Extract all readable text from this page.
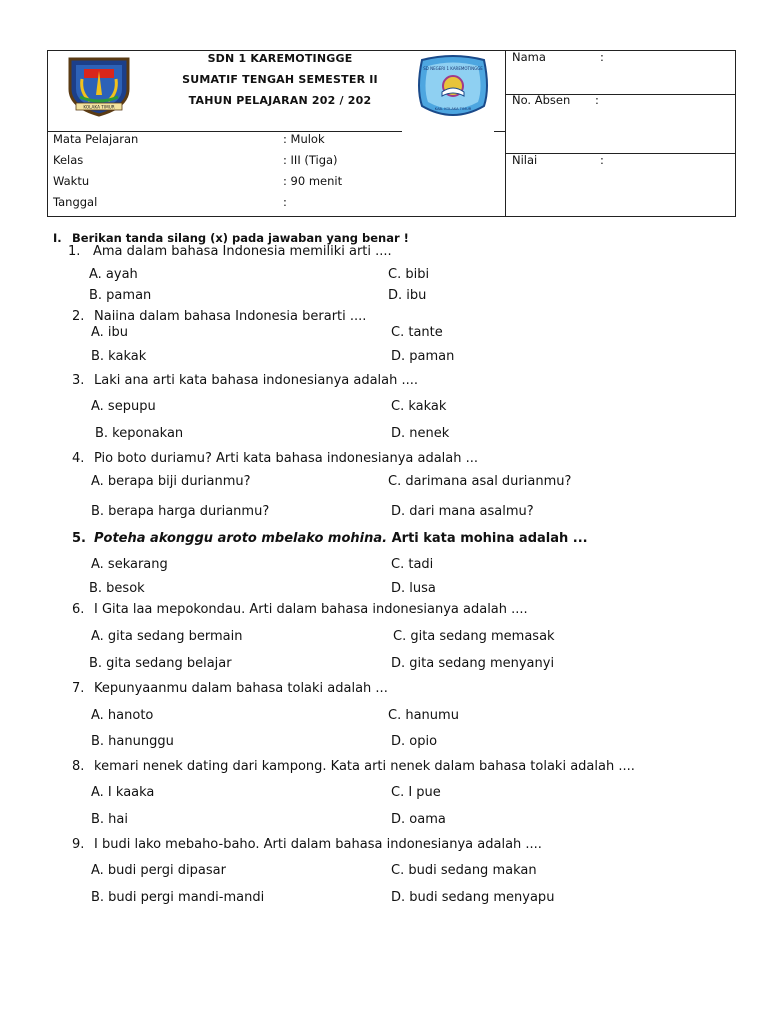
KOLAKA TIMUR
SD NEGERI 1 KAREMOTINGGE
KAB. KOLAKA TIMUR
SDN 1 KAREMOTINGGE
SUMATIF TENGAH SEMESTER II
TAHUN PELAJARAN 202 / 202
Nama	:
No. Absen :
Nilai	:
Mata Pelajaran	: Mulok
Kelas	: III (Tiga)
Waktu	: 90 menit
Tanggal	:
I. Berikan tanda silang (x) pada jawaban yang benar !
1. Ama dalam bahasa Indonesia memiliki arti ....
A. ayah
B. paman
C. bibi
D. ibu
2. Naiina dalam bahasa Indonesia berarti ....
A. ibu
B. kakak
C. tante
D. paman
3. Laki ana arti kata bahasa indonesianya adalah ....
A. sepupu
B. keponakan
C. kakak
D. nenek
4. Pio boto duriamu? Arti kata bahasa indonesianya adalah ...
A. berapa biji durianmu?
B. berapa harga durianmu?
C. darimana asal durianmu?
D. dari mana asalmu?
5. Poteha akonggu aroto mbelako mohina. Arti kata mohina adalah ...
A. sekarang
B. besok
C. tadi
D. lusa
6. I Gita laa mepokondau. Arti dalam bahasa indonesianya adalah ....
A. gita sedang bermain
B. gita sedang belajar
C. gita sedang memasak
D. gita sedang menyanyi
7. Kepunyaanmu dalam bahasa tolaki adalah ...
A. hanoto
B. hanunggu
C. hanumu
D. opio
8. kemari nenek dating dari kampong. Kata arti nenek dalam bahasa tolaki adalah ....
A. I kaaka
B. hai
C. I pue
D. oama
9. I budi lako mebaho-baho. Arti dalam bahasa indonesianya adalah ....
A. budi pergi dipasar
B. budi pergi mandi-mandi
C. budi sedang makan
D. budi sedang menyapu
